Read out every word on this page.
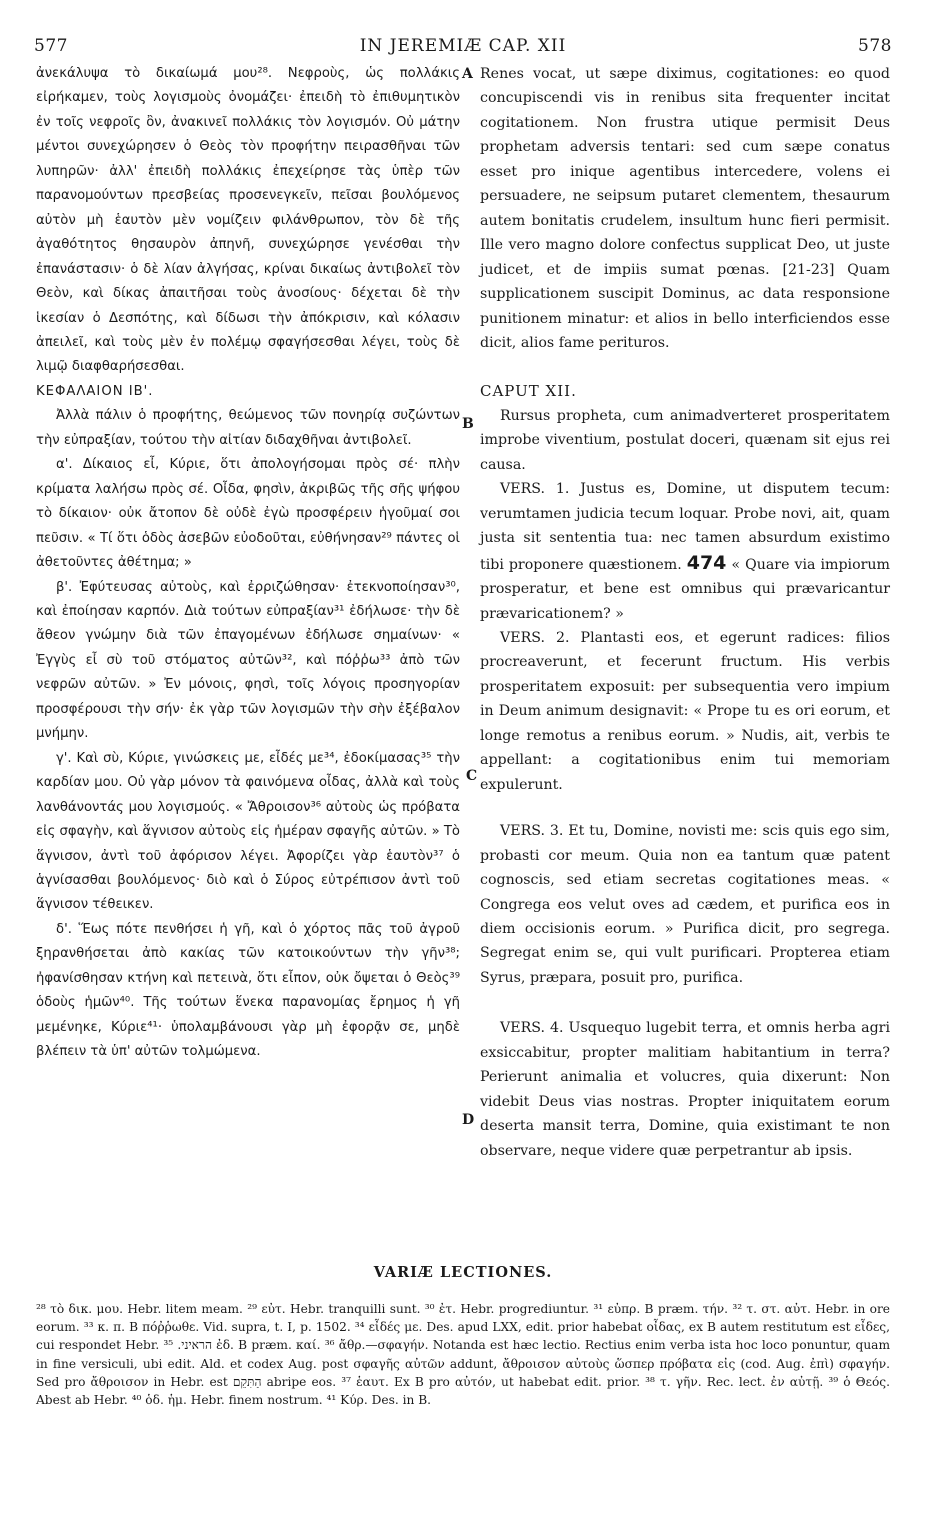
577	IN JEREMIÆ CAP. XII	578
A
B
C
D

ἀνεκάλυψα τὸ δικαίωμά μου²⁸. Νεφροὺς, ὡς πολλάκις εἰρήκαμεν, τοὺς λογισμοὺς ὀνομάζει· ἐπειδὴ τὸ ἐπιθυμητικὸν ἐν τοῖς νεφροῖς ὂν, ἀνακινεῖ πολλάκις τὸν λογισμόν. Οὐ μάτην μέντοι συνεχώρησεν ὁ Θεὸς τὸν προφήτην πειρασθῆναι τῶν λυπηρῶν· ἀλλ' ἐπειδὴ πολλάκις ἐπεχείρησε τὰς ὑπὲρ τῶν παρανομούντων πρεσβείας προσενεγκεῖν, πεῖσαι βουλόμενος αὐτὸν μὴ ἑαυτὸν μὲν νομίζειν φιλάνθρωπον, τὸν δὲ τῆς ἀγαθότητος θησαυρὸν ἀπηνῆ, συνεχώρησε γενέσθαι τὴν ἐπανάστασιν· ὁ δὲ λίαν ἀλγήσας, κρίναι δικαίως ἀντιβολεῖ τὸν Θεὸν, καὶ δίκας ἀπαιτῆσαι τοὺς ἀνοσίους· δέχεται δὲ τὴν ἱκεσίαν ὁ Δεσπότης, καὶ δίδωσι τὴν ἀπόκρισιν, καὶ κόλασιν ἀπειλεῖ, καὶ τοὺς μὲν ἐν πολέμῳ σφαγήσεσθαι λέγει, τοὺς δὲ λιμῷ διαφθαρήσεσθαι.

ΚΕΦΑΛΑΙΟΝ ΙΒ'.

Ἀλλὰ πάλιν ὁ προφήτης, θεώμενος τῶν πονηρίᾳ συζώντων τὴν εὐπραξίαν, τούτου τὴν αἰτίαν διδαχθῆναι ἀντιβολεῖ.

α'. Δίκαιος εἶ, Κύριε, ὅτι ἀπολογήσομαι πρὸς σέ· πλὴν κρίματα λαλήσω πρὸς σέ. Οἶδα, φησὶν, ἀκριβῶς τῆς σῆς ψήφου τὸ δίκαιον· οὐκ ἄτοπον δὲ οὐδὲ ἐγὼ προσφέρειν ἡγοῦμαί σοι πεῦσιν. « Τί ὅτι ὁδὸς ἀσεβῶν εὐοδοῦται, εὐθήνησαν²⁹ πάντες οἱ ἀθετοῦντες ἀθέτημα; »

β'. Ἐφύτευσας αὐτοὺς, καὶ ἐρριζώθησαν· ἐτεκνοποίησαν³⁰, καὶ ἐποίησαν καρπόν. Διὰ τούτων εὐπραξίαν³¹ ἐδήλωσε· τὴν δὲ ἄθεον γνώμην διὰ τῶν ἐπαγομένων ἐδήλωσε σημαίνων· « Ἐγγὺς εἶ σὺ τοῦ στόματος αὐτῶν³², καὶ πόῤῥω³³ ἀπὸ τῶν νεφρῶν αὐτῶν. » Ἐν μόνοις, φησὶ, τοῖς λόγοις προσηγορίαν προσφέρουσι τὴν σήν· ἐκ γὰρ τῶν λογισμῶν τὴν σὴν ἐξέβαλον μνήμην.

γ'. Καὶ σὺ, Κύριε, γινώσκεις με, εἶδές με³⁴, ἐδοκίμασας³⁵ τὴν καρδίαν μου. Οὐ γὰρ μόνον τὰ φαινόμενα οἶδας, ἀλλὰ καὶ τοὺς λανθάνοντάς μου λογισμούς. « Ἄθροισον³⁶ αὐτοὺς ὡς πρόβατα εἰς σφαγὴν, καὶ ἅγνισον αὐτοὺς εἰς ἡμέραν σφαγῆς αὐτῶν. » Τὸ ἅγνισον, ἀντὶ τοῦ ἀφόρισον λέγει. Ἀφορίζει γὰρ ἑαυτὸν³⁷ ὁ ἁγνίσασθαι βουλόμενος· διὸ καὶ ὁ Σύρος εὐτρέπισον ἀντὶ τοῦ ἅγνισον τέθεικεν.

δ'. Ἕως πότε πενθήσει ἡ γῆ, καὶ ὁ χόρτος πᾶς τοῦ ἀγροῦ ξηρανθήσεται ἀπὸ κακίας τῶν κατοικούντων τὴν γῆν³⁸; ἠφανίσθησαν κτήνη καὶ πετεινὰ, ὅτι εἶπον, οὐκ ὄψεται ὁ Θεὸς³⁹ ὁδοὺς ἡμῶν⁴⁰. Τῆς τούτων ἕνεκα παρανομίας ἔρημος ἡ γῆ μεμένηκε, Κύριε⁴¹· ὑπολαμβάνουσι γὰρ μὴ ἐφορᾷν σε, μηδὲ βλέπειν τὰ ὑπ' αὐτῶν τολμώμενα.

Renes vocat, ut sæpe diximus, cogitationes: eo quod concupiscendi vis in renibus sita frequenter incitat cogitationem. Non frustra utique permisit Deus prophetam adversis tentari: sed cum sæpe conatus esset pro inique agentibus intercedere, volens ei persuadere, ne seipsum putaret clementem, thesaurum autem bonitatis crudelem, insultum hunc fieri permisit. Ille vero magno dolore confectus supplicat Deo, ut juste judicet, et de impiis sumat pœnas. [21-23] Quam supplicationem suscipit Dominus, ac data responsione punitionem minatur: et alios in bello interficiendos esse dicit, alios fame perituros.

CAPUT XII.

Rursus propheta, cum animadverteret prosperitatem improbe viventium, postulat doceri, quænam sit ejus rei causa.

VERS. 1. Justus es, Domine, ut disputem tecum: verumtamen judicia tecum loquar. Probe novi, ait, quam justa sit sententia tua: nec tamen absurdum existimo tibi proponere quæstionem. 474 « Quare via impiorum prosperatur, et bene est omnibus qui prævaricantur prævaricationem? »

VERS. 2. Plantasti eos, et egerunt radices: filios procreaverunt, et fecerunt fructum. His verbis prosperitatem exposuit: per subsequentia vero impium in Deum animum designavit: « Prope tu es ori eorum, et longe remotus a renibus eorum. » Nudis, ait, verbis te appellant: a cogitationibus enim tui memoriam expulerunt.

VERS. 3. Et tu, Domine, novisti me: scis quis ego sim, probasti cor meum. Quia non ea tantum quæ patent cognoscis, sed etiam secretas cogitationes meas. « Congrega eos velut oves ad cædem, et purifica eos in diem occisionis eorum. » Purifica dicit, pro segrega. Segregat enim se, qui vult purificari. Propterea etiam Syrus, præpara, posuit pro, purifica.

VERS. 4. Usquequo lugebit terra, et omnis herba agri exsiccabitur, propter malitiam habitantium in terra? Perierunt animalia et volucres, quia dixerunt: Non videbit Deus vias nostras. Propter iniquitatem eorum deserta mansit terra, Domine, quia existimant te non observare, neque videre quæ perpetrantur ab ipsis.

VARIÆ LECTIONES.

²⁸ τὸ δικ. μου. Hebr. litem meam. ²⁹ εὐτ. Hebr. tranquilli sunt. ³⁰ ἐτ. Hebr. progrediuntur. ³¹ εὐπρ. B præm. τήν. ³² τ. στ. αὐτ. Hebr. in ore eorum. ³³ κ. π. B πόῤῥωθε. Vid. supra, t. I, p. 1502. ³⁴ εἶδές με. Des. apud LXX, edit. prior habebat οἶδας, ex B autem restitutum est εἶδες, cui respondet Hebr. הראיני. ³⁵ ἐδ. B præm. καί. ³⁶ ἄθρ.—σφαγήν. Notanda est hæc lectio. Rectius enim verba ista hoc loco ponuntur, quam in fine versiculi, ubi edit. Ald. et codex Aug. post σφαγῆς αὐτῶν addunt, ἄθροισον αὐτοὺς ὥσπερ πρόβατα εἰς (cod. Aug. ἐπὶ) σφαγήν. Sed pro ἄθροισον in Hebr. est הַתִּקֵם abripe eos. ³⁷ ἑαυτ. Ex B pro αὐτόν, ut habebat edit. prior. ³⁸ τ. γῆν. Rec. lect. ἐν αὐτῇ. ³⁹ ὁ Θεός. Abest ab Hebr. ⁴⁰ ὁδ. ἡμ. Hebr. finem nostrum. ⁴¹ Κύρ. Des. in B.
